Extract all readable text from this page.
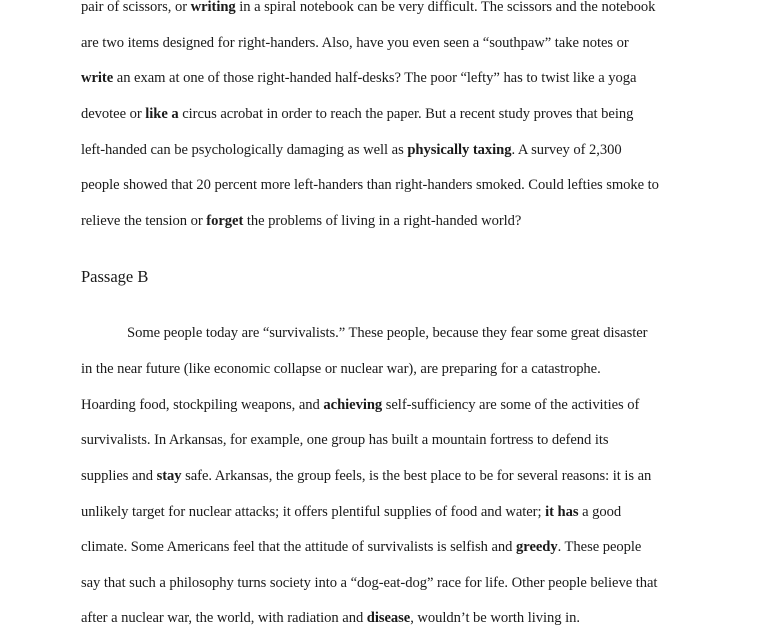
pair of scissors, or writing in a spiral notebook can be very difficult. The scissors and the notebook
are two items designed for right-handers. Also, have you even seen a “southpaw” take notes or
write an exam at one of those right-handed half-desks? The poor “lefty” has to twist like a yoga
devotee or like a circus acrobat in order to reach the paper. But a recent study proves that being
left-handed can be psychologically damaging as well as physically taxing. A survey of 2,300
people showed that 20 percent more left-handers than right-handers smoked. Could lefties smoke to
relieve the tension or forget the problems of living in a right-handed world?
Passage B
Some people today are “survivalists.” These people, because they fear some great disaster
in the near future (like economic collapse or nuclear war), are preparing for a catastrophe.
Hoarding food, stockpiling weapons, and achieving self-sufficiency are some of the activities of
survivalists. In Arkansas, for example, one group has built a mountain fortress to defend its
supplies and stay safe. Arkansas, the group feels, is the best place to be for several reasons: it is an
unlikely target for nuclear attacks; it offers plentiful supplies of food and water; it has a good
climate. Some Americans feel that the attitude of survivalists is selfish and greedy. These people
say that such a philosophy turns society into a “dog-eat-dog” race for life. Other people believe that
after a nuclear war, the world, with radiation and disease, wouldn’t be worth living in.
